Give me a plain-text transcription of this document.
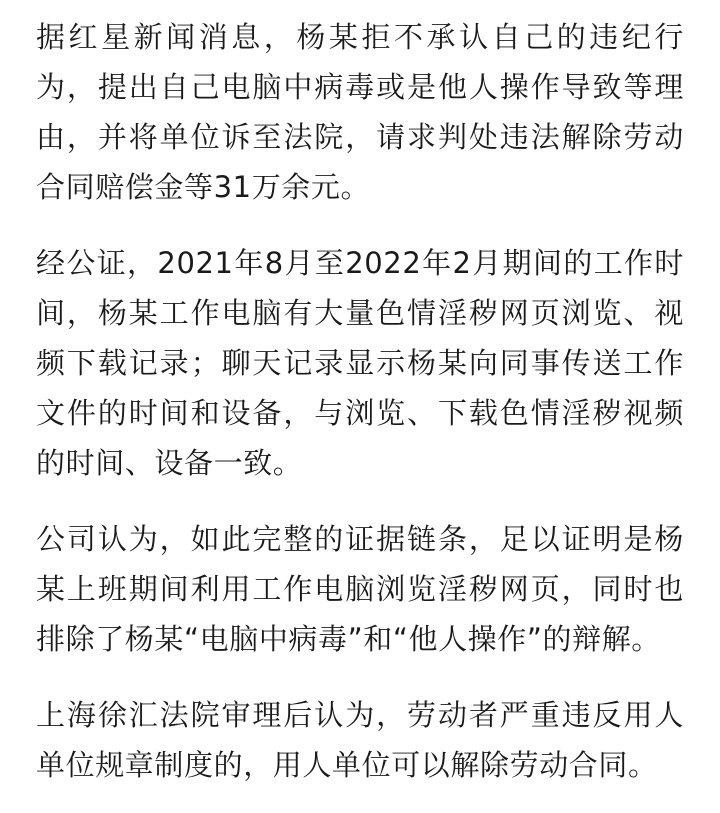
据红星新闻消息，杨某拒不承认自己的违纪行为，提出自己电脑中病毒或是他人操作导致等理由，并将单位诉至法院，请求判处违法解除劳动合同赔偿金等31万余元。

经公证，2021年8月至2022年2月期间的工作时间，杨某工作电脑有大量色情淫秽网页浏览、视频下载记录；聊天记录显示杨某向同事传送工作文件的时间和设备，与浏览、下载色情淫秽视频的时间、设备一致。

公司认为，如此完整的证据链条，足以证明是杨某上班期间利用工作电脑浏览淫秽网页，同时也排除了杨某“电脑中病毒”和“他人操作”的辩解。

上海徐汇法院审理后认为，劳动者严重违反用人单位规章制度的，用人单位可以解除劳动合同。
